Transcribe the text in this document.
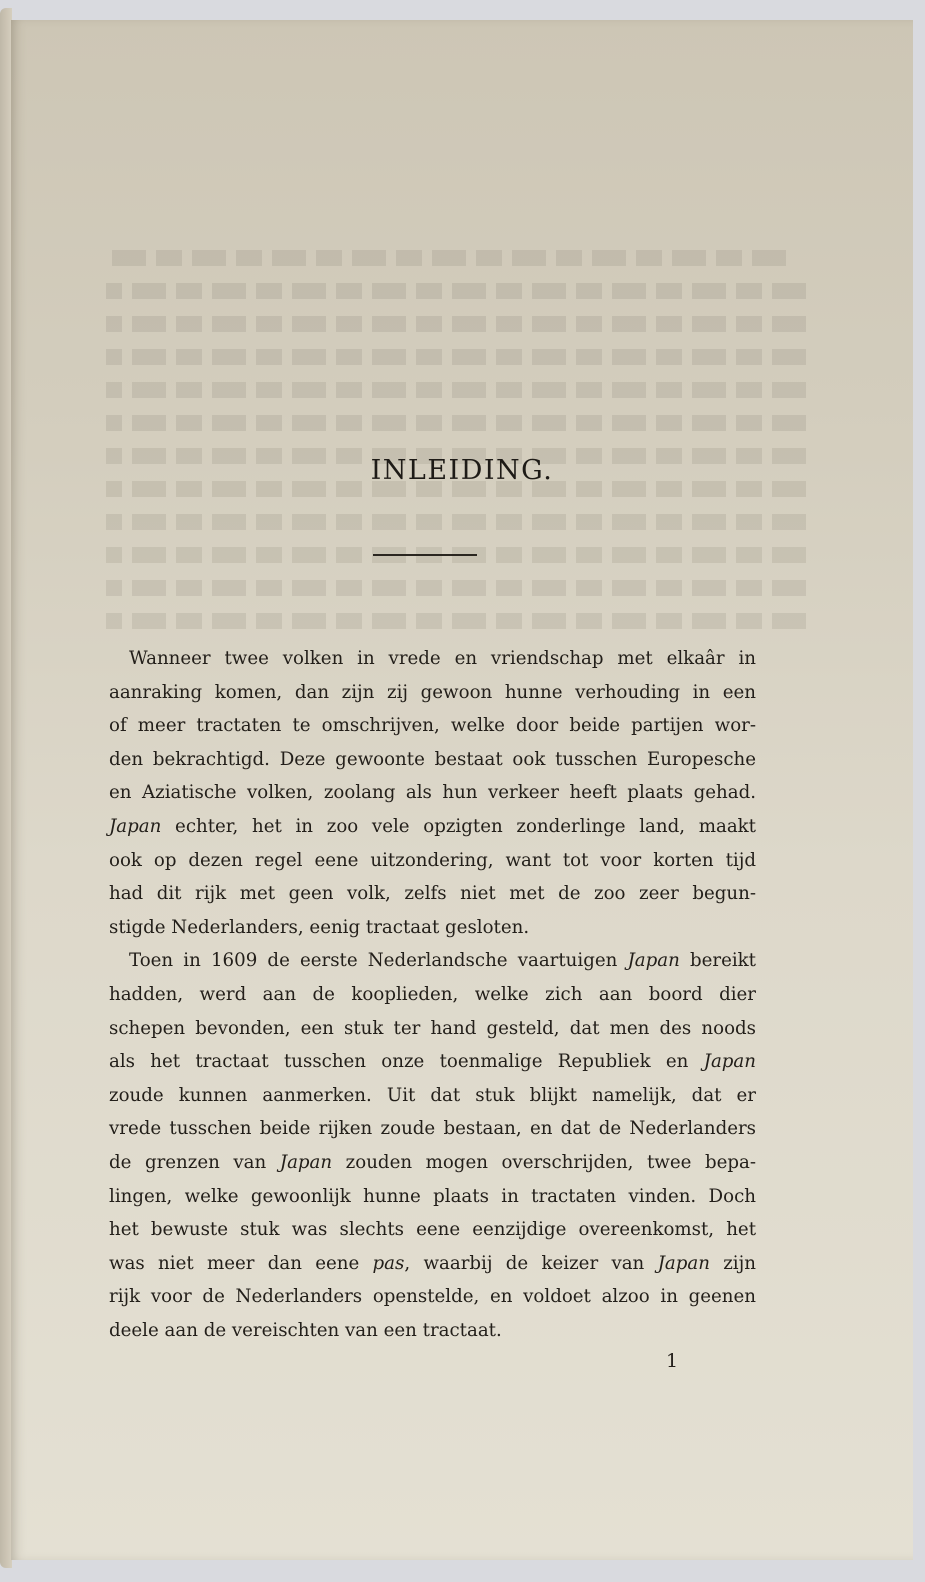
INLEIDING.
Wanneer twee volken in vrede en vriendschap met elkaâr in
aanraking komen, dan zijn zij gewoon hunne verhouding in een
of meer tractaten te omschrijven, welke door beide partijen wor-
den bekrachtigd. Deze gewoonte bestaat ook tusschen Europesche
en Aziatische volken, zoolang als hun verkeer heeft plaats gehad.
Japan echter, het in zoo vele opzigten zonderlinge land, maakt
ook op dezen regel eene uitzondering, want tot voor korten tijd
had dit rijk met geen volk, zelfs niet met de zoo zeer begun-
stigde Nederlanders, eenig tractaat gesloten.
Toen in 1609 de eerste Nederlandsche vaartuigen Japan bereikt
hadden, werd aan de kooplieden, welke zich aan boord dier
schepen bevonden, een stuk ter hand gesteld, dat men des noods
als het tractaat tusschen onze toenmalige Republiek en Japan
zoude kunnen aanmerken. Uit dat stuk blijkt namelijk, dat er
vrede tusschen beide rijken zoude bestaan, en dat de Nederlanders
de grenzen van Japan zouden mogen overschrijden, twee bepa-
lingen, welke gewoonlijk hunne plaats in tractaten vinden. Doch
het bewuste stuk was slechts eene eenzijdige overeenkomst, het
was niet meer dan eene pas, waarbij de keizer van Japan zijn
rijk voor de Nederlanders openstelde, en voldoet alzoo in geenen
deele aan de vereischten van een tractaat.
1
